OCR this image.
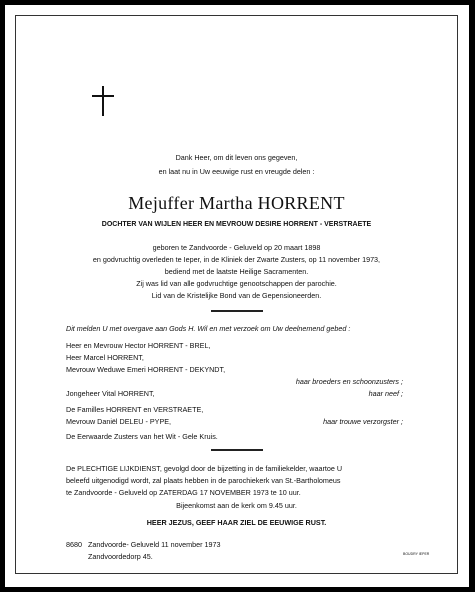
Dank Heer, om dit leven ons gegeven,
en laat nu in Uw eeuwige rust en vreugde delen :
Mejuffer Martha HORRENT
DOCHTER VAN WIJLEN HEER EN MEVROUW DESIRE HORRENT - VERSTRAETE
geboren te Zandvoorde - Geluveld op 20 maart 1898
en godvruchtig overleden te Ieper, in de Kliniek der Zwarte Zusters, op 11 november 1973,
bediend met de laatste Heilige Sacramenten.
Zij was lid van alle godvruchtige genootschappen der parochie.
Lid van de Kristelijke Bond van de Gepensioneerden.
Dit melden U met overgave aan Gods H. Wil en met verzoek om Uw deelnemend gebed :
Heer en Mevrouw Hector HORRENT - BREL,
Heer Marcel HORRENT,
Mevrouw Weduwe Emeri HORRENT - DEKYNDT,
haar broeders en schoonzusters ;
Jongeheer Vital HORRENT,	haar neef ;
De Familles HORRENT en VERSTRAETE,
Mevrouw Daniël DELEU - PYPE,	haar trouwe verzorgster ;
De Eerwaarde Zusters van het Wit - Gele Kruis.
De PLECHTIGE LIJKDIENST, gevolgd door de bijzetting in de familiekelder, waartoe U
beleefd uitgenodigd wordt, zal plaats hebben in de parochiekerk van St.-Bartholomeus
te Zandvoorde - Geluveld op ZATERDAG 17 NOVEMBER 1973 te 10 uur.
Bijeenkomst aan de kerk om 9.45 uur.
HEER JEZUS, GEEF HAAR ZIEL DE EEUWIGE RUST.
8680 Zandvoorde- Geluveld 11 november 1973
Zandvoordedorp 45.	BOUDRY IEPER
